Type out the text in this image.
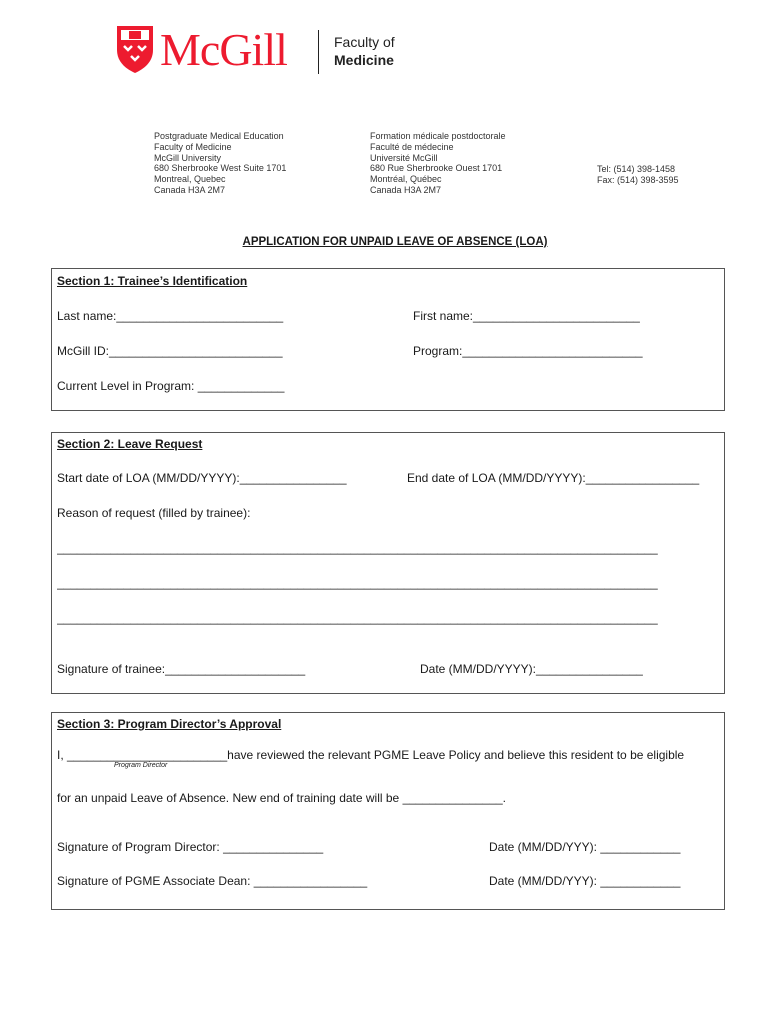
McGill	Faculty of
Medicine
Postgraduate Medical Education
Faculty of Medicine
McGill University
680 Sherbrooke West Suite 1701
Montreal, Quebec
Canada H3A 2M7
Formation médicale postdoctorale
Faculté de médecine
Université McGill
680 Rue Sherbrooke Ouest 1701
Montréal, Québec
Canada H3A 2M7
Tel: (514) 398-1458
Fax: (514) 398-3595
APPLICATION FOR UNPAID LEAVE OF ABSENCE (LOA)
Section 1: Trainee’s Identification
Last name:_________________________	First name:_________________________
McGill ID:__________________________	Program:___________________________
Current Level in Program: _____________
Section 2: Leave Request
Start date of LOA (MM/DD/YYYY):________________	End date of LOA (MM/DD/YYYY):_________________
Reason of request (filled by trainee):
__________________________________________________________________________________________
__________________________________________________________________________________________
__________________________________________________________________________________________
Signature of trainee:_____________________	Date (MM/DD/YYYY):________________
Section 3: Program Director’s Approval
I, ________________________have reviewed the relevant PGME Leave Policy and believe this resident to be eligible
Program Director
for an unpaid Leave of Absence. New end of training date will be _______________.
Signature of Program Director: _______________	Date (MM/DD/YYY): ____________
Signature of PGME Associate Dean: _________________	Date (MM/DD/YYY): ____________
